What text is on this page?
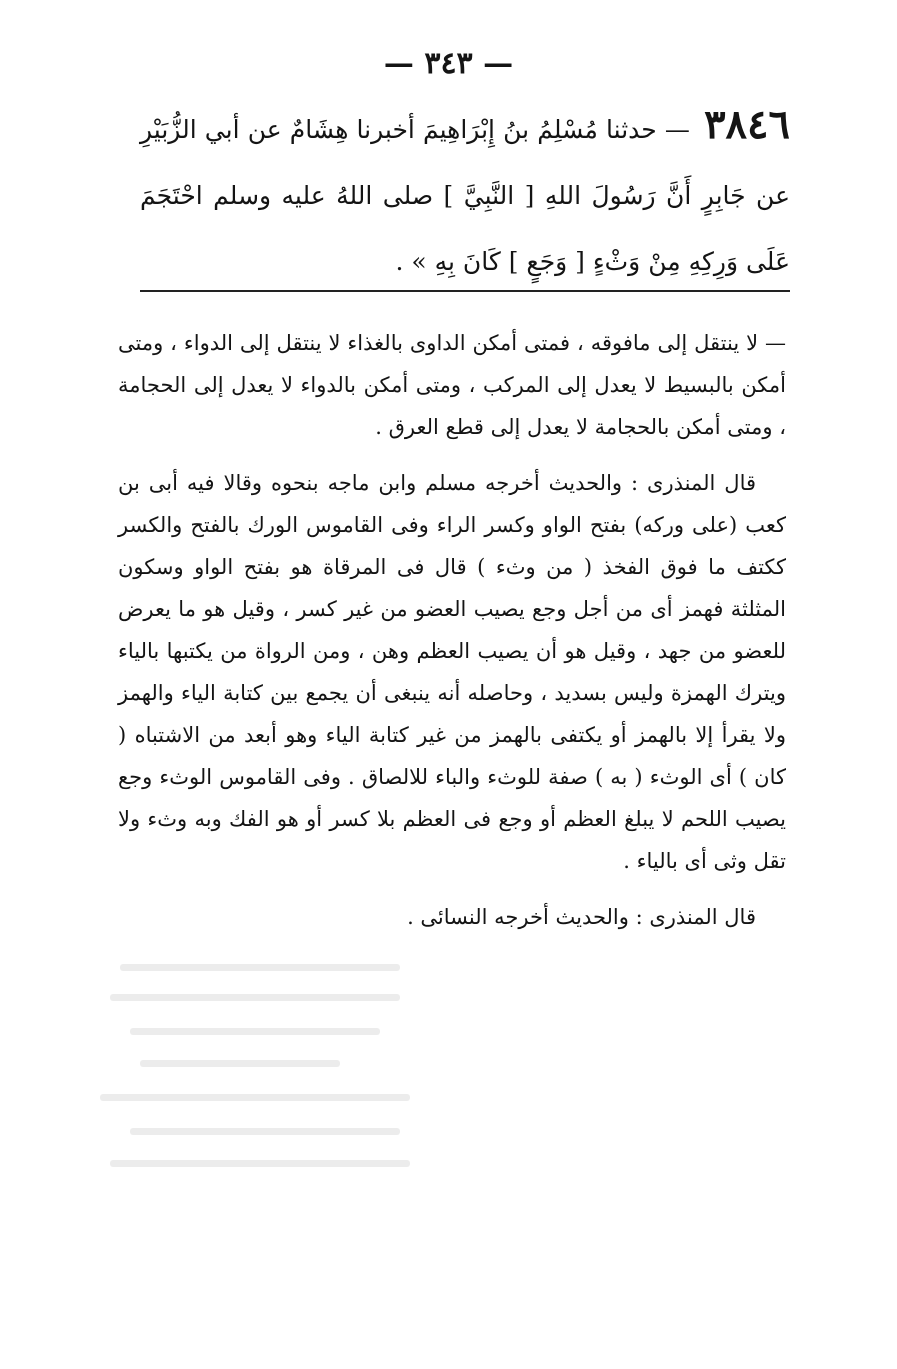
— ٣٤٣ —
٣٨٤٦ — حدثنا مُسْلِمُ بنُ إِبْرَاهِيمَ أخبرنا هِشَامٌ عن أبي الزُّبَيْرِ عن جَابِرٍ أَنَّ رَسُولَ اللهِ [ النَّبِيَّ ] صلى اللهُ عليه وسلم احْتَجَمَ عَلَى وَرِكِهِ مِنْ وَثْءٍ [ وَجَعٍ ] كَانَ بِهِ » .

— لا ينتقل إلى مافوقه ، فمتى أمكن الداوى بالغذاء لا ينتقل إلى الدواء ، ومتى أمكن بالبسيط لا يعدل إلى المركب ، ومتى أمكن بالدواء لا يعدل إلى الحجامة ، ومتى أمكن بالحجامة لا يعدل إلى قطع العرق .

قال المنذرى : والحديث أخرجه مسلم وابن ماجه بنحوه وقالا فيه أبى بن كعب (على وركه) بفتح الواو وكسر الراء وفى القاموس الورك بالفتح والكسر ككتف ما فوق الفخذ ( من وثء ) قال فى المرقاة هو بفتح الواو وسكون المثلثة فهمز أى من أجل وجع يصيب العضو من غير كسر ، وقيل هو ما يعرض للعضو من جهد ، وقيل هو أن يصيب العظم وهن ، ومن الرواة من يكتبها بالياء ويترك الهمزة وليس بسديد ، وحاصله أنه ينبغى أن يجمع بين كتابة الياء والهمز ولا يقرأ إلا بالهمز أو يكتفى بالهمز من غير كتابة الياء وهو أبعد من الاشتباه ( كان ) أى الوثء ( به ) صفة للوثء والباء للالصاق . وفى القاموس الوثء وجع يصيب اللحم لا يبلغ العظم أو وجع فى العظم بلا كسر أو هو الفك وبه وثء ولا تقل وثى أى بالياء .

قال المنذرى : والحديث أخرجه النسائى .
